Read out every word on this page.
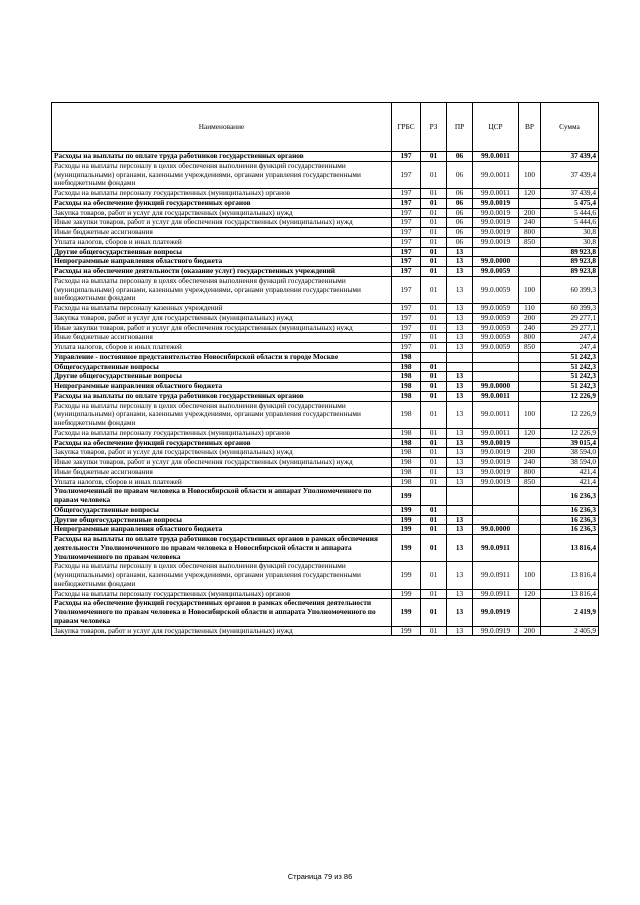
Наименование	ГРБС	РЗ	ПР	ЦСР	ВР	Сумма
Расходы на выплаты по оплате труда работников государственных органов	197	01	06	99.0.0011		37 439,4
Расходы на выплаты персоналу в целях обеспечения выполнения функций государственными (муниципальными) органами, казенными учреждениями, органами управления государственными внебюджетными фондами	197	01	06	99.0.0011	100	37 439,4
Расходы на выплаты персоналу государственных (муниципальных) органов	197	01	06	99.0.0011	120	37 439,4
Расходы на обеспечение функций государственных органов	197	01	06	99.0.0019		5 475,4
Закупка товаров, работ и услуг для государственных (муниципальных) нужд	197	01	06	99.0.0019	200	5 444,6
Иные закупки товаров, работ и услуг для обеспечения государственных (муниципальных) нужд	197	01	06	99.0.0019	240	5 444,6
Иные бюджетные ассигнования	197	01	06	99.0.0019	800	30,8
Уплата налогов, сборов и иных платежей	197	01	06	99.0.0019	850	30,8
Другие общегосударственные вопросы	197	01	13			89 923,8
Непрограммные направления областного бюджета	197	01	13	99.0.0000		89 923,8
Расходы на обеспечение деятельности (оказание услуг) государственных учреждений	197	01	13	99.0.0059		89 923,8
Расходы на выплаты персоналу в целях обеспечения выполнения функций государственными (муниципальными) органами, казенными учреждениями, органами управления государственными внебюджетными фондами	197	01	13	99.0.0059	100	60 399,3
Расходы на выплаты персоналу казенных учреждений	197	01	13	99.0.0059	110	60 399,3
Закупка товаров, работ и услуг для государственных (муниципальных) нужд	197	01	13	99.0.0059	200	29 277,1
Иные закупки товаров, работ и услуг для обеспечения государственных (муниципальных) нужд	197	01	13	99.0.0059	240	29 277,1
Иные бюджетные ассигнования	197	01	13	99.0.0059	800	247,4
Уплата налогов, сборов и иных платежей	197	01	13	99.0.0059	850	247,4
Управление - постоянное представительство Новосибирской области в городе Москве	198					51 242,3
Общегосударственные вопросы	198	01				51 242,3
Другие общегосударственные вопросы	198	01	13			51 242,3
Непрограммные направления областного бюджета	198	01	13	99.0.0000		51 242,3
Расходы на выплаты по оплате труда работников государственных органов	198	01	13	99.0.0011		12 226,9
Расходы на выплаты персоналу в целях обеспечения выполнения функций государственными (муниципальными) органами, казенными учреждениями, органами управления государственными внебюджетными фондами	198	01	13	99.0.0011	100	12 226,9
Расходы на выплаты персоналу государственных (муниципальных) органов	198	01	13	99.0.0011	120	12 226,9
Расходы на обеспечение функций государственных органов	198	01	13	99.0.0019		39 015,4
Закупка товаров, работ и услуг для государственных (муниципальных) нужд	198	01	13	99.0.0019	200	38 594,0
Иные закупки товаров, работ и услуг для обеспечения государственных (муниципальных) нужд	198	01	13	99.0.0019	240	38 594,0
Иные бюджетные ассигнования	198	01	13	99.0.0019	800	421,4
Уплата налогов, сборов и иных платежей	198	01	13	99.0.0019	850	421,4
Уполномоченный по правам человека в Новосибирской области и аппарат Уполномоченного по правам человека	199					16 236,3
Общегосударственные вопросы	199	01				16 236,3
Другие общегосударственные вопросы	199	01	13			16 236,3
Непрограммные направления областного бюджета	199	01	13	99.0.0000		16 236,3
Расходы на выплаты по оплате труда работников государственных органов в рамках обеспечения деятельности Уполномоченного по правам человека в Новосибирской области и аппарата Уполномоченного по правам человека	199	01	13	99.0.0911		13 816,4
Расходы на выплаты персоналу в целях обеспечения выполнения функций государственными (муниципальными) органами, казенными учреждениями, органами управления государственными внебюджетными фондами	199	01	13	99.0.0911	100	13 816,4
Расходы на выплаты персоналу государственных (муниципальных) органов	199	01	13	99.0.0911	120	13 816,4
Расходы на обеспечение функций государственных органов в рамках обеспечения деятельности Уполномоченного по правам человека в Новосибирской области и аппарата Уполномоченного по правам человека	199	01	13	99.0.0919		2 419,9
Закупка товаров, работ и услуг для государственных (муниципальных) нужд	199	01	13	99.0.0919	200	2 405,9
Страница 79 из 86
